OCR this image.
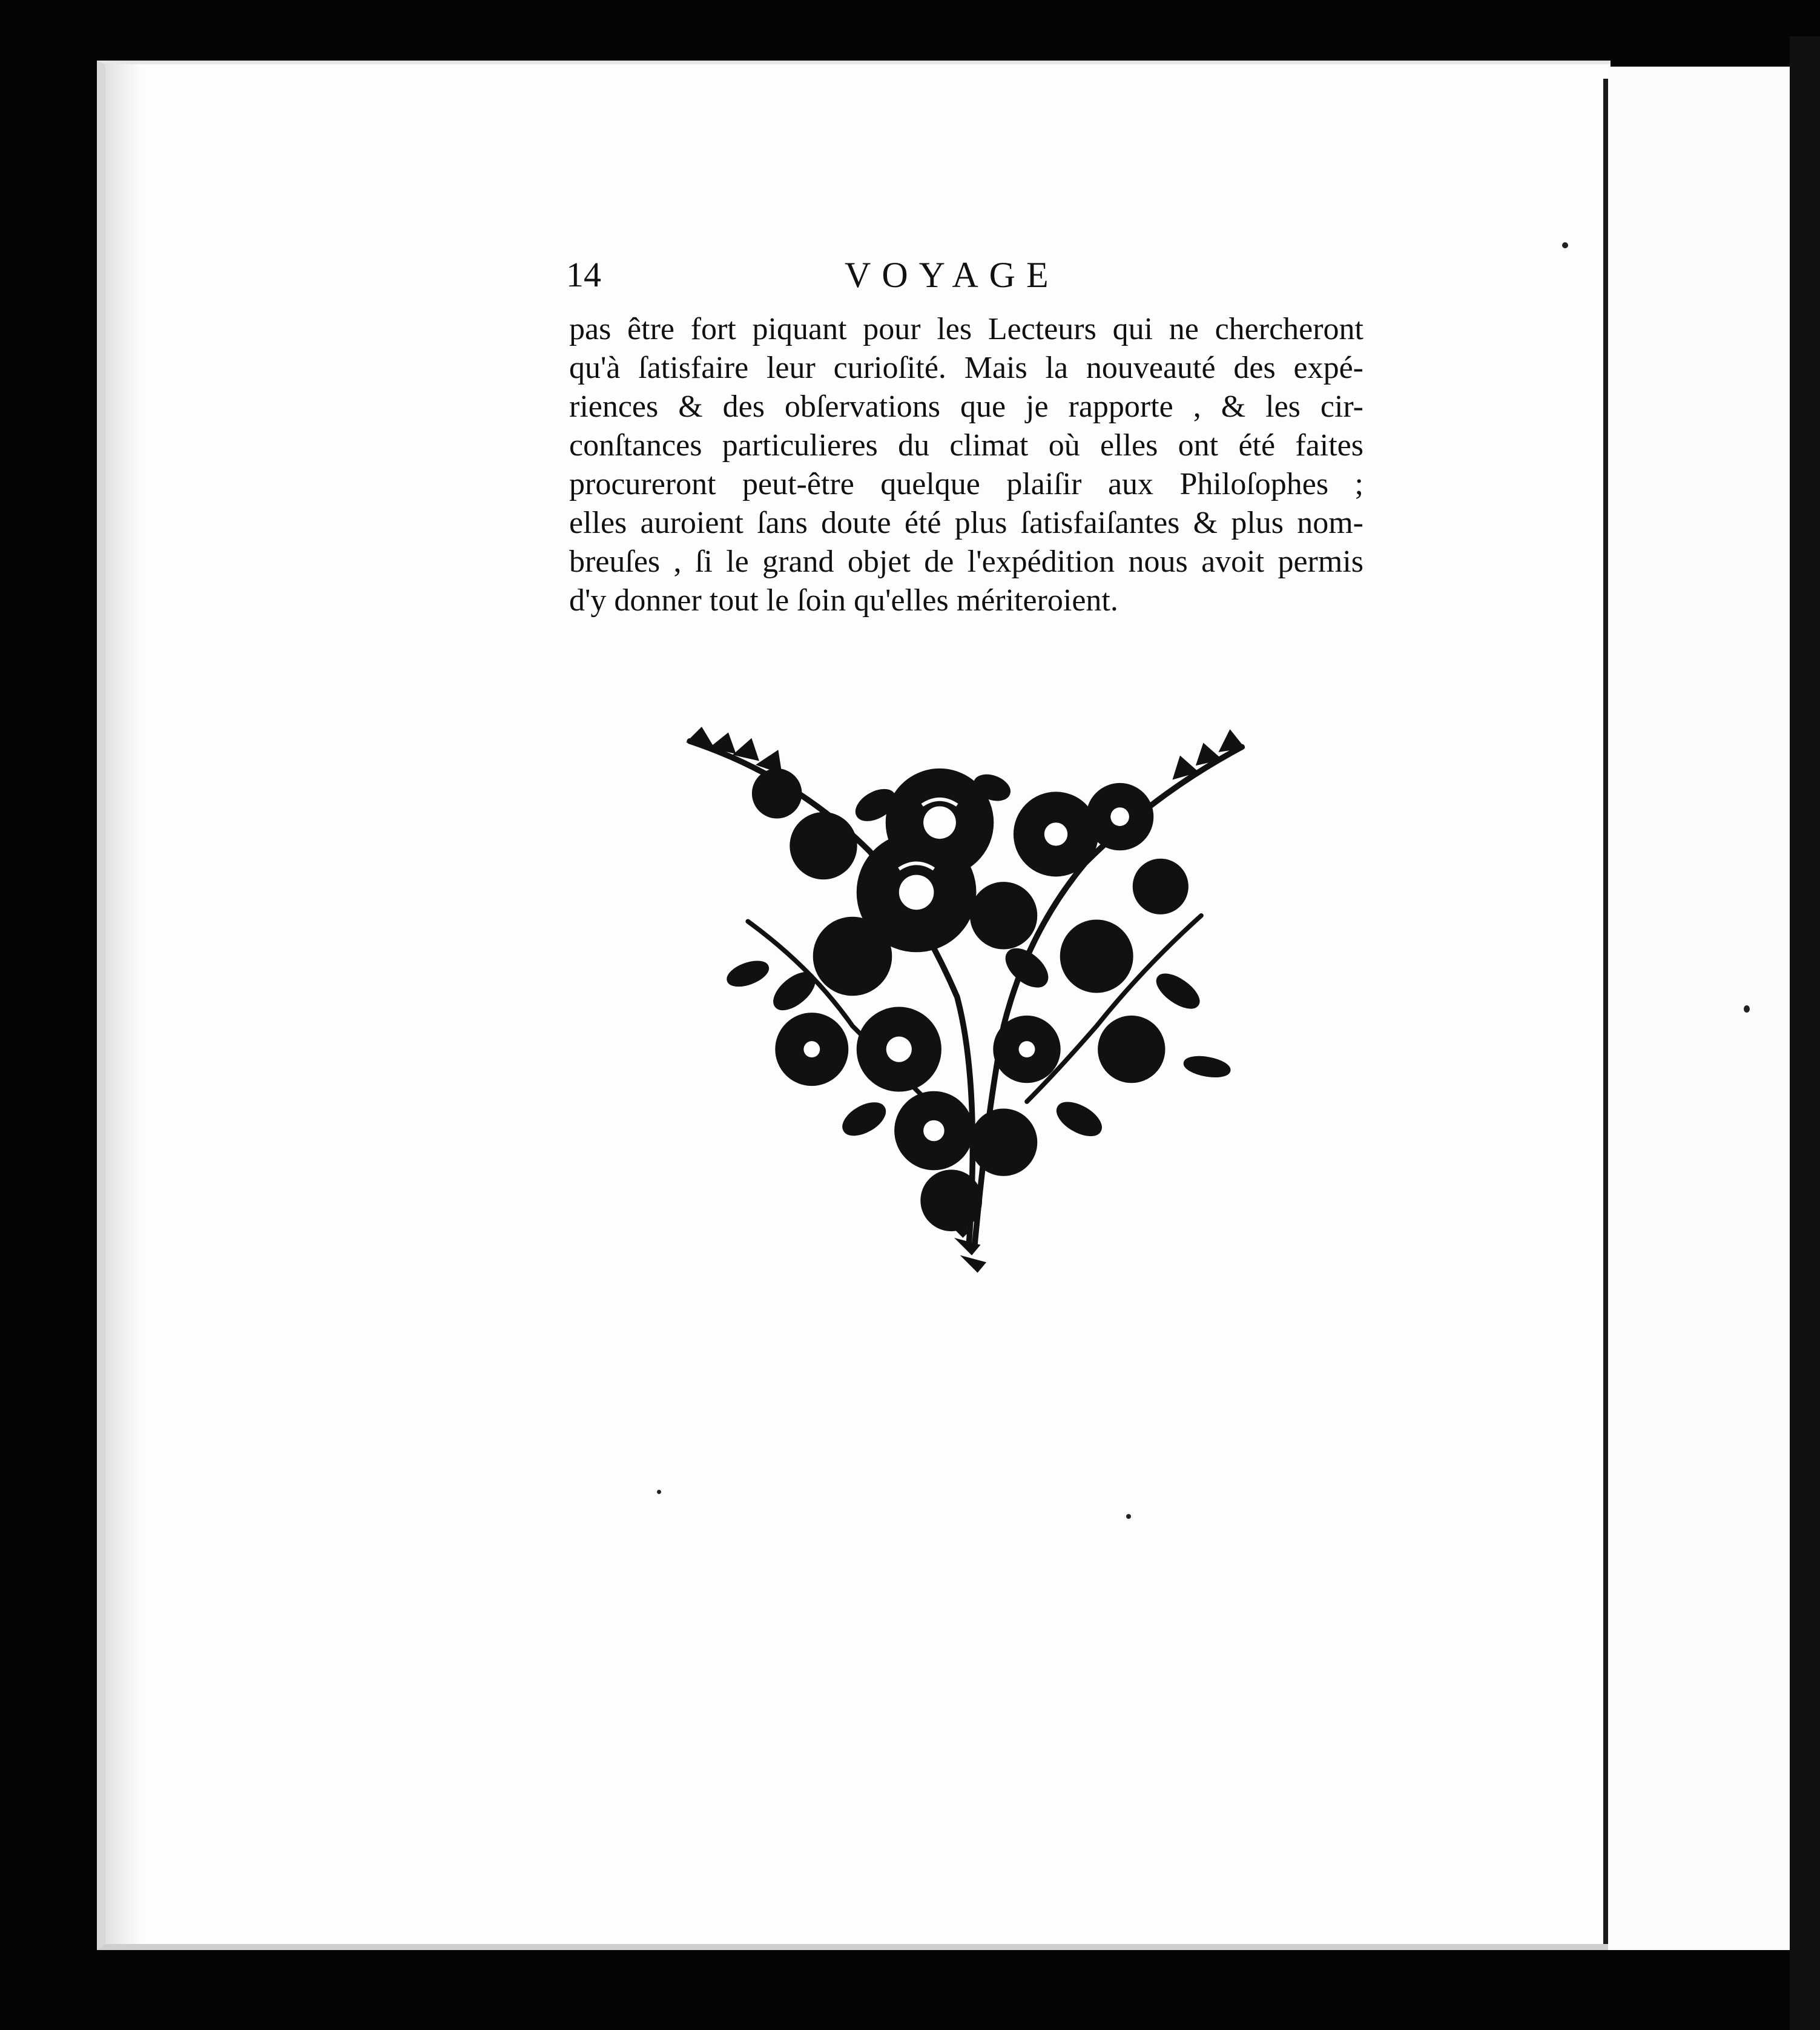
14	VOYAGE
pas être fort piquant pour les Lecteurs qui ne chercheront
qu'à ſatisfaire leur curioſité. Mais la nouveauté des expé-
riences & des obſervations que je rapporte , & les cir-
conſtances particulieres du climat où elles ont été faites
procureront peut-être quelque plaiſir aux Philoſophes ;
elles auroient ſans doute été plus ſatisfaiſantes & plus nom-
breuſes , ſi le grand objet de l'expédition nous avoit permis
d'y donner tout le ſoin qu'elles mériteroient.
